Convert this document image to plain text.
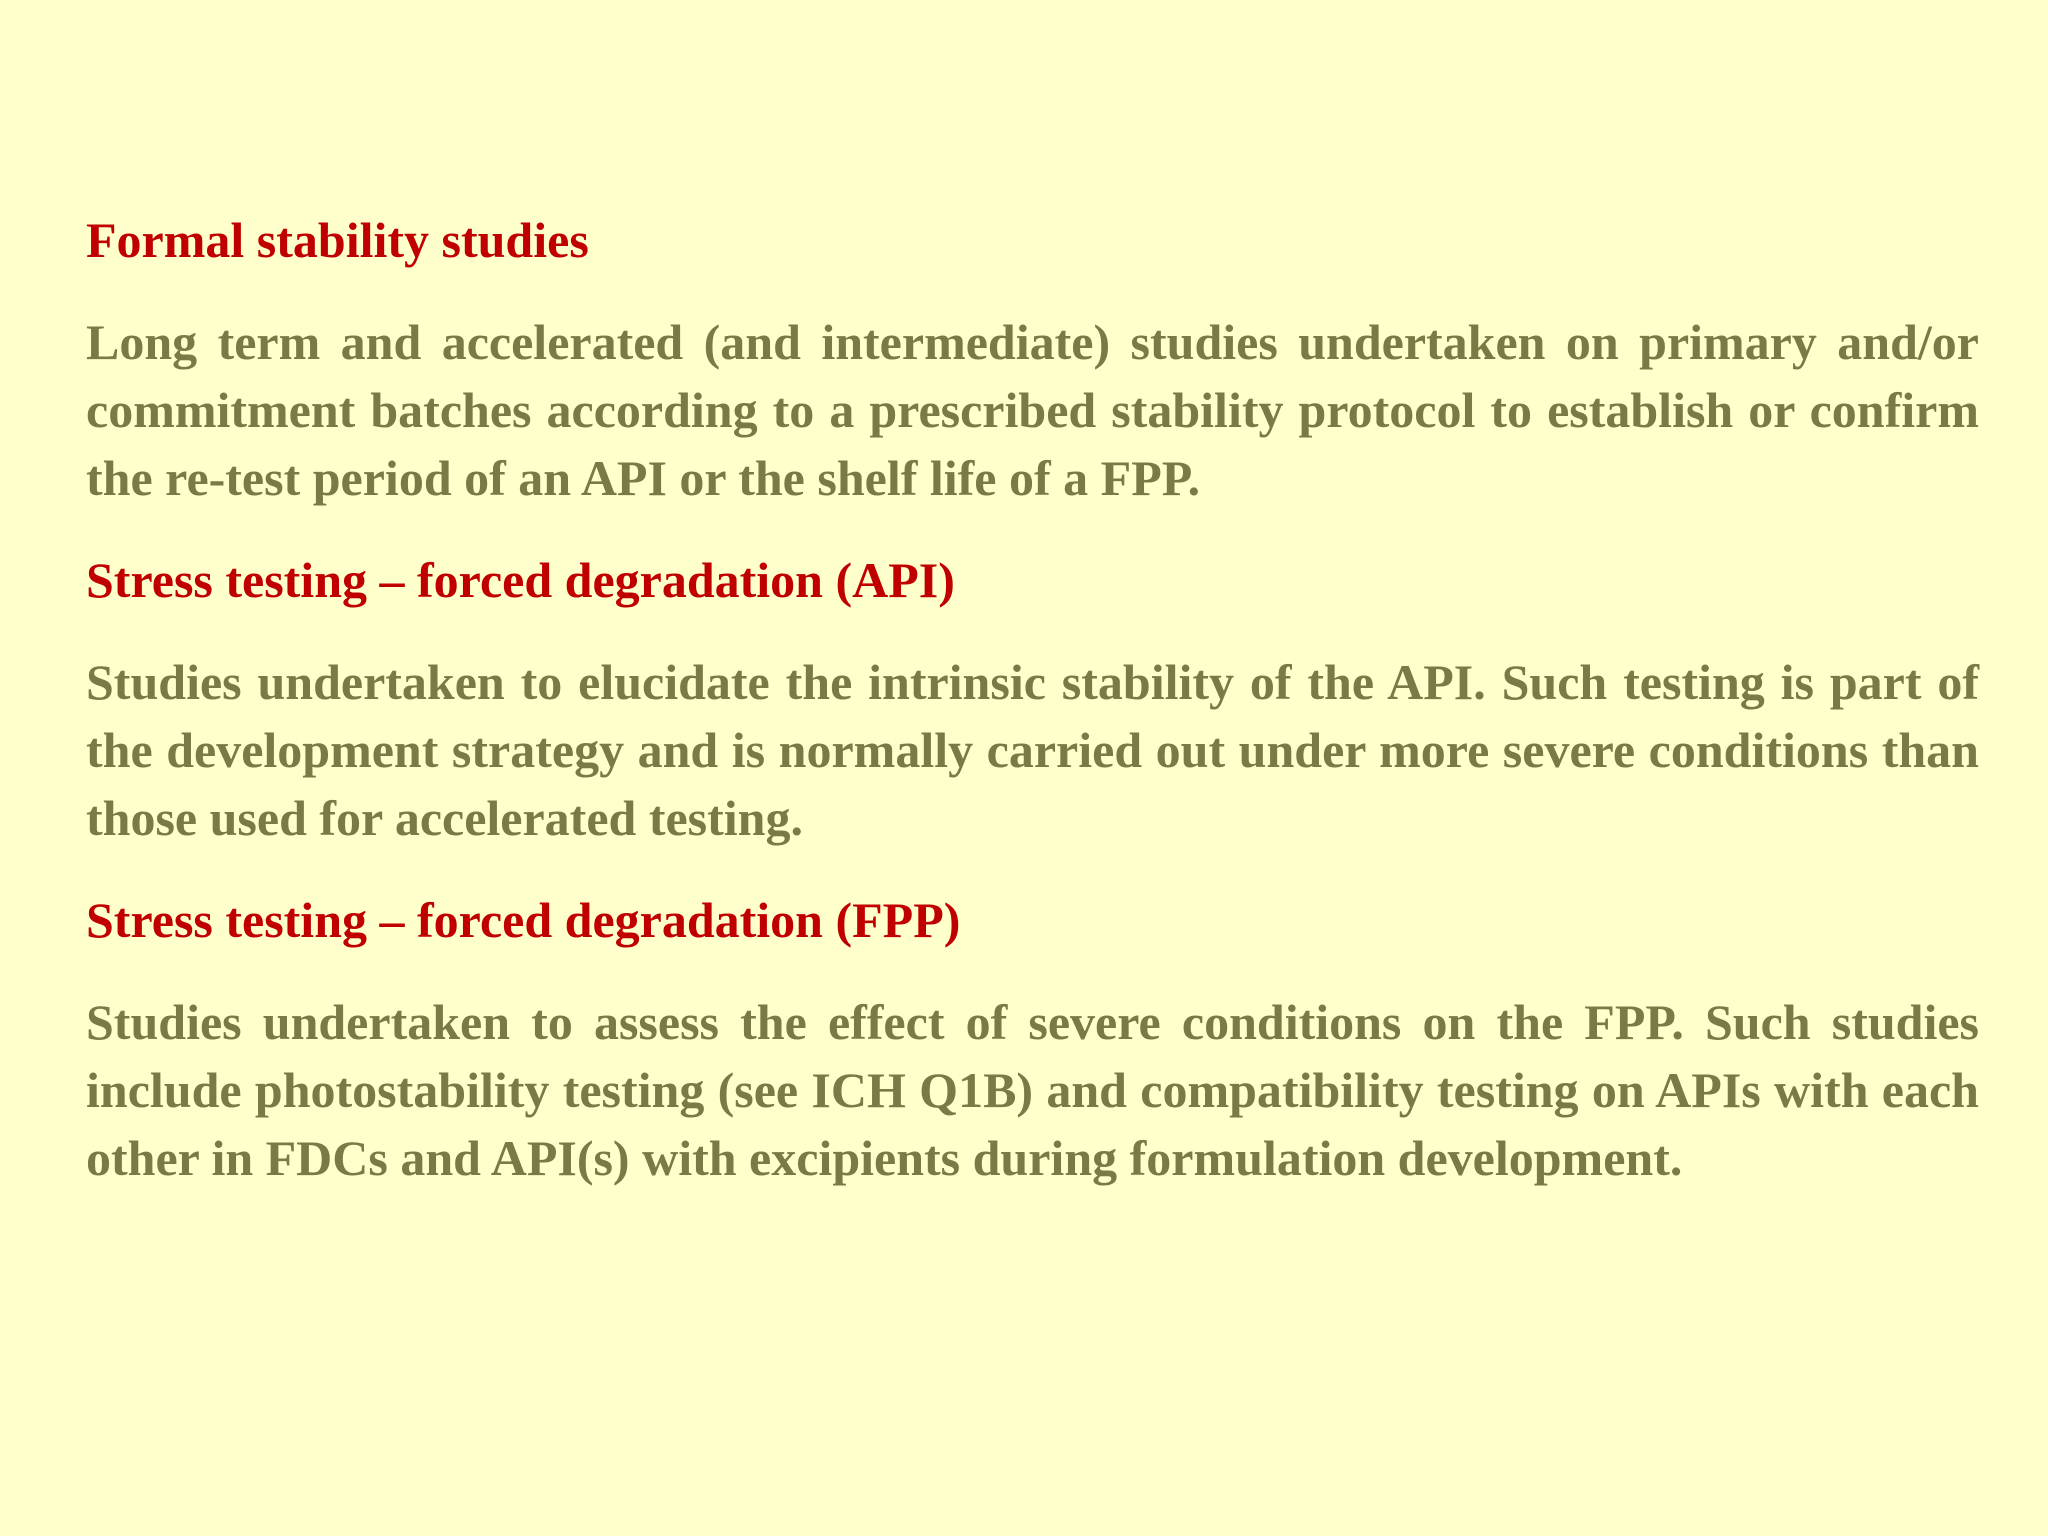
Formal stability studies
Long term and accelerated (and intermediate) studies undertaken on primary and/or commitment batches according to a prescribed stability protocol to establish or confirm the re-test period of an API or the shelf life of a FPP.
Stress testing – forced degradation (API)
Studies undertaken to elucidate the intrinsic stability of the API. Such testing is part of the development strategy and is normally carried out under more severe conditions than those used for accelerated testing.
Stress testing – forced degradation (FPP)
Studies undertaken to assess the effect of severe conditions on the FPP. Such studies include photostability testing (see ICH Q1B) and compatibility testing on APIs with each other in FDCs and API(s) with excipients during formulation development.
